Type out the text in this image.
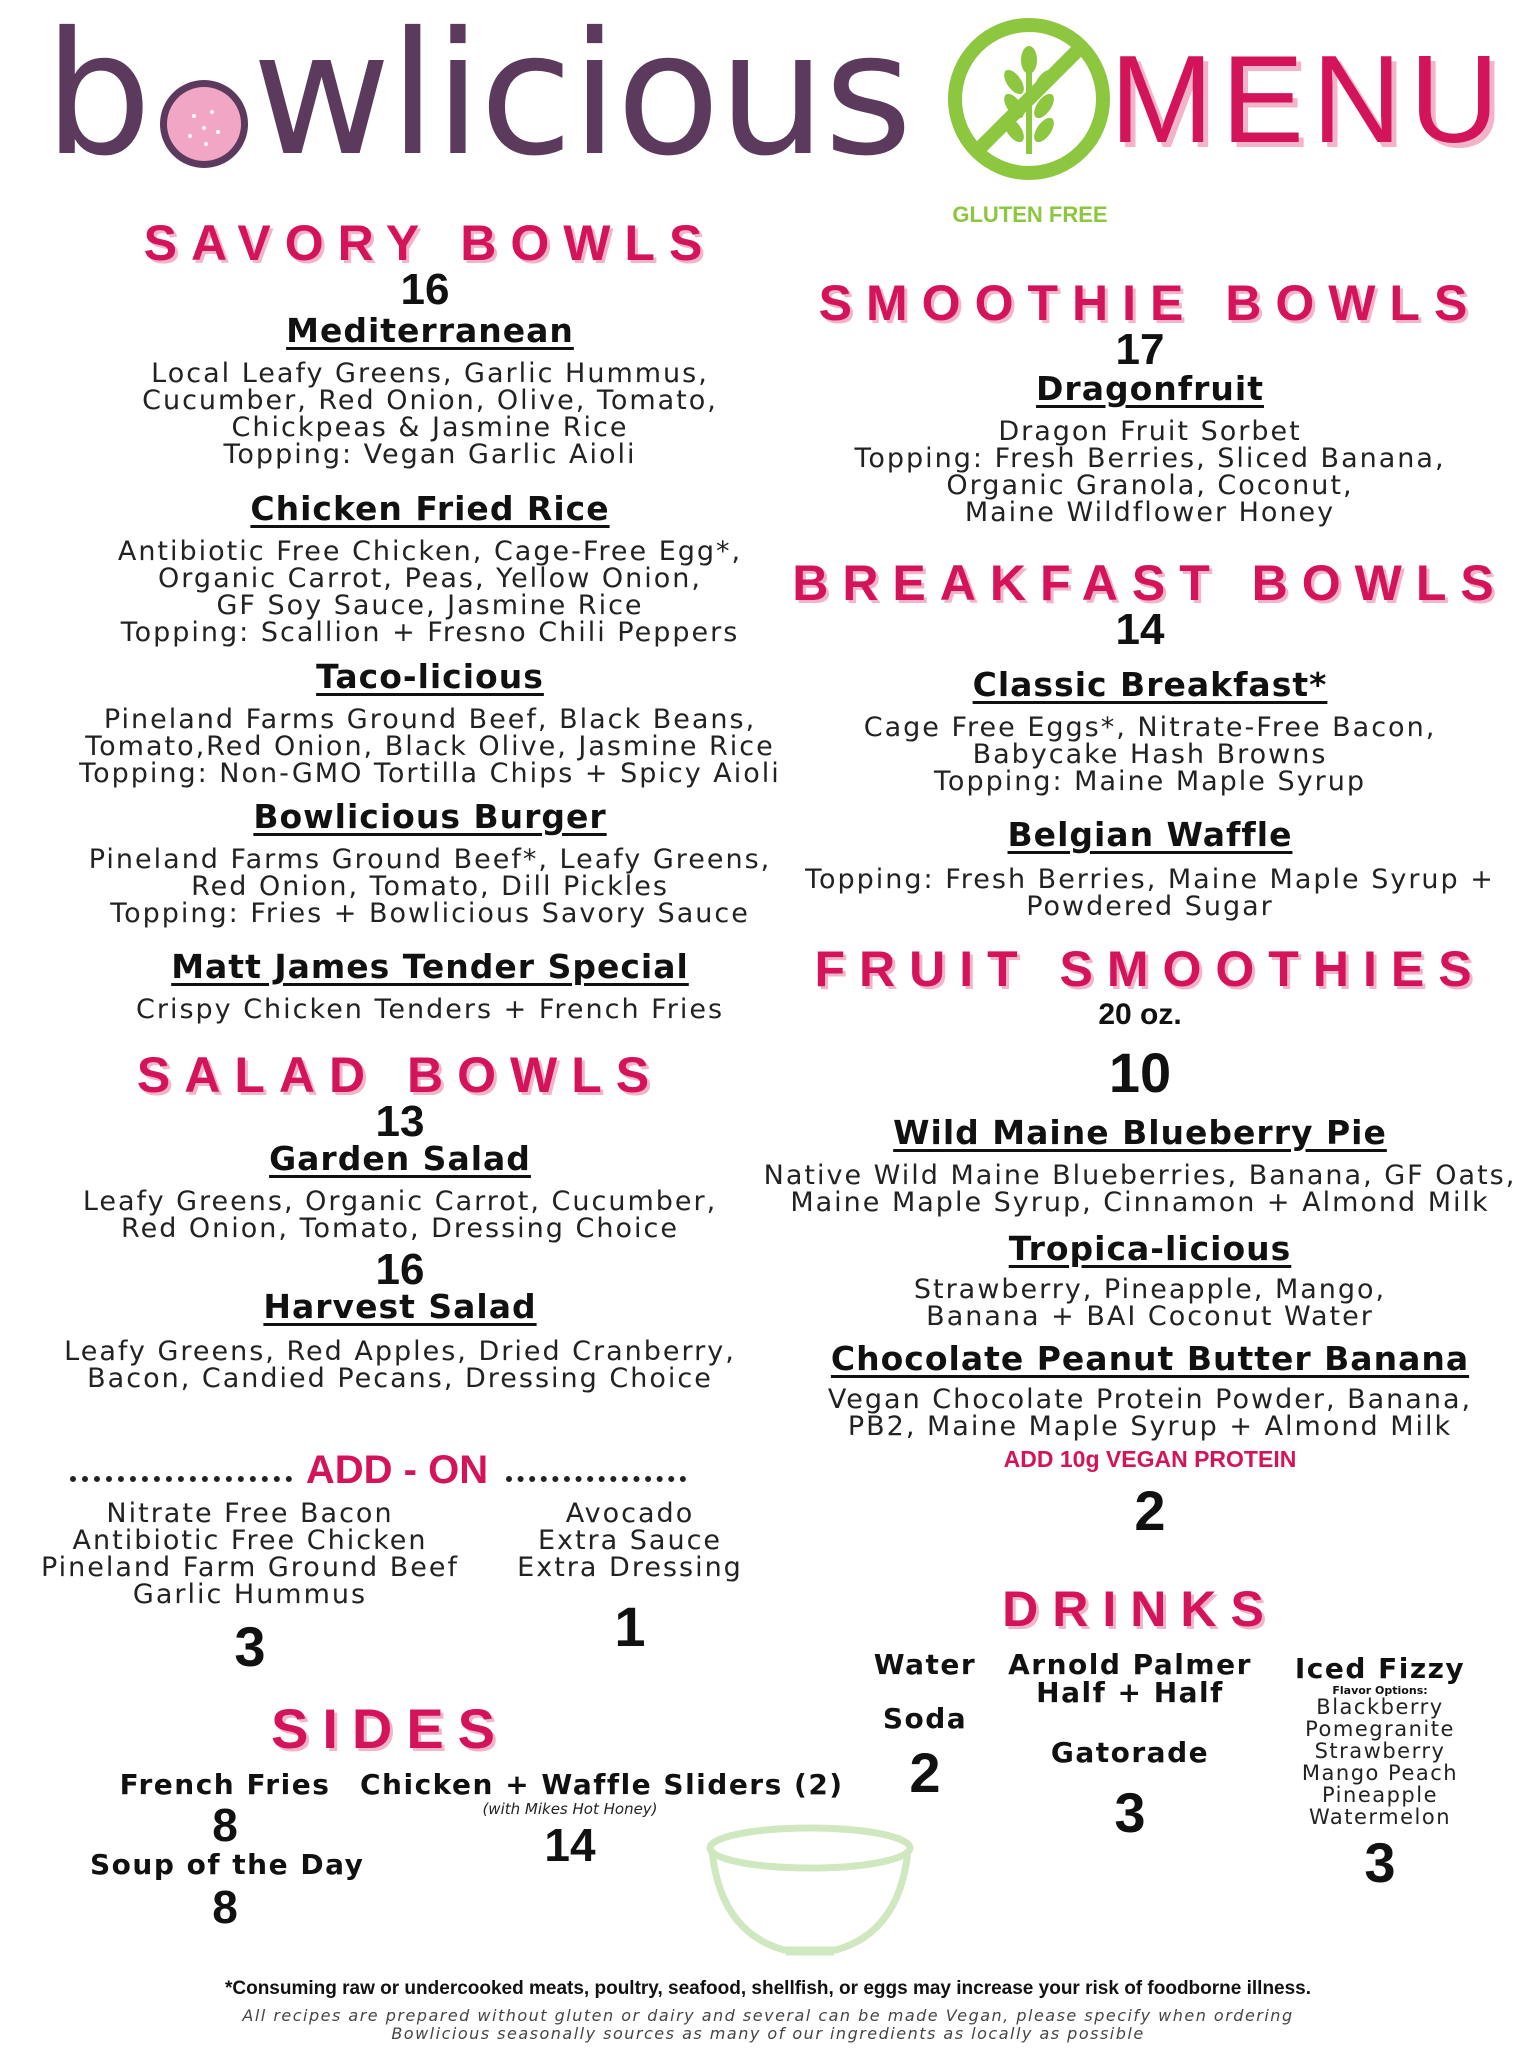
b wlicious
GLUTEN FREE
MENU
SAVORY BOWLS
16
Mediterranean
Local Leafy Greens, Garlic Hummus,
Cucumber, Red Onion, Olive, Tomato,
Chickpeas & Jasmine Rice
Topping: Vegan Garlic Aioli
Chicken Fried Rice
Antibiotic Free Chicken, Cage-Free Egg*,
Organic Carrot, Peas, Yellow Onion,
GF Soy Sauce, Jasmine Rice
Topping: Scallion + Fresno Chili Peppers
Taco-licious
Pineland Farms Ground Beef, Black Beans,
Tomato,Red Onion, Black Olive, Jasmine Rice
Topping: Non-GMO Tortilla Chips + Spicy Aioli
Bowlicious Burger
Pineland Farms Ground Beef*, Leafy Greens,
Red Onion, Tomato, Dill Pickles
Topping: Fries + Bowlicious Savory Sauce
Matt James Tender Special
Crispy Chicken Tenders + French Fries
SALAD BOWLS
13
Garden Salad
Leafy Greens, Organic Carrot, Cucumber,
Red Onion, Tomato, Dressing Choice
16
Harvest Salad
Leafy Greens, Red Apples, Dried Cranberry,
Bacon, Candied Pecans, Dressing Choice
ADD - ON
Nitrate Free Bacon
Antibiotic Free Chicken
Pineland Farm Ground Beef
Garlic Hummus
3
Avocado
Extra Sauce
Extra Dressing
1
SIDES
French Fries
8
Soup of the Day
8
Chicken + Waffle Sliders (2)
(with Mikes Hot Honey)
14
SMOOTHIE BOWLS
17
Dragonfruit
Dragon Fruit Sorbet
Topping: Fresh Berries, Sliced Banana,
Organic Granola, Coconut,
Maine Wildflower Honey
BREAKFAST BOWLS
14
Classic Breakfast*
Cage Free Eggs*, Nitrate-Free Bacon,
Babycake Hash Browns
Topping: Maine Maple Syrup
Belgian Waffle
Topping: Fresh Berries, Maine Maple Syrup +
Powdered Sugar
FRUIT SMOOTHIES
20 oz.
10
Wild Maine Blueberry Pie
Native Wild Maine Blueberries, Banana, GF Oats,
Maine Maple Syrup, Cinnamon + Almond Milk
Tropica-licious
Strawberry, Pineapple, Mango,
Banana + BAI Coconut Water
Chocolate Peanut Butter Banana
Vegan Chocolate Protein Powder, Banana,
PB2, Maine Maple Syrup + Almond Milk
ADD 10g VEGAN PROTEIN
2
DRINKS
Water
Soda
2
Arnold Palmer
Half + Half
Gatorade
3
Iced Fizzy
Flavor Options:
Blackberry
Pomegranite
Strawberry
Mango Peach
Pineapple
Watermelon
3
*Consuming raw or undercooked meats, poultry, seafood, shellfish, or eggs may increase your risk of foodborne illness.
All recipes are prepared without gluten or dairy and several can be made Vegan, please specify when ordering
Bowlicious seasonally sources as many of our ingredients as locally as possible
